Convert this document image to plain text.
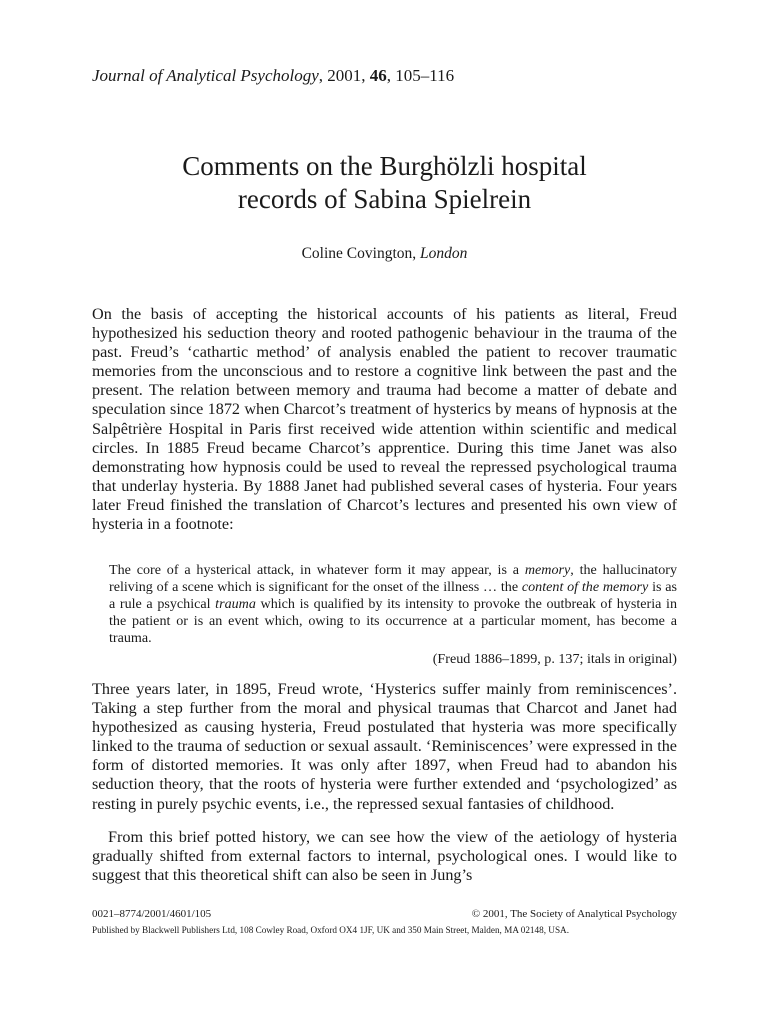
Journal of Analytical Psychology, 2001, 46, 105–116
Comments on the Burghölzli hospital
records of Sabina Spielrein
Coline Covington, London

On the basis of accepting the historical accounts of his patients as literal, Freud hypothesized his seduction theory and rooted pathogenic behaviour in the trauma of the past. Freud’s ‘cathartic method’ of analysis enabled the patient to recover traumatic memories from the unconscious and to restore a cognitive link between the past and the present. The relation between memory and trauma had become a matter of debate and speculation since 1872 when Charcot’s treatment of hysterics by means of hypnosis at the Salpêtrière Hospital in Paris first received wide attention within scientific and medical circles. In 1885 Freud became Charcot’s apprentice. During this time Janet was also demonstrating how hypnosis could be used to reveal the repressed psychological trauma that underlay hysteria. By 1888 Janet had published several cases of hysteria. Four years later Freud finished the translation of Charcot’s lectures and presented his own view of hysteria in a footnote:

The core of a hysterical attack, in whatever form it may appear, is a memory, the hallucinatory reliving of a scene which is significant for the onset of the illness … the content of the memory is as a rule a psychical trauma which is qualified by its intensity to provoke the outbreak of hysteria in the patient or is an event which, owing to its occurrence at a particular moment, has become a trauma.
(Freud 1886–1899, p. 137; itals in original)

Three years later, in 1895, Freud wrote, ‘Hysterics suffer mainly from reminiscences’. Taking a step further from the moral and physical traumas that Charcot and Janet had hypothesized as causing hysteria, Freud postulated that hysteria was more specifically linked to the trauma of seduction or sexual assault. ‘Reminiscences’ were expressed in the form of distorted memories. It was only after 1897, when Freud had to abandon his seduction theory, that the roots of hysteria were further extended and ‘psychologized’ as resting in purely psychic events, i.e., the repressed sexual fantasies of childhood.

From this brief potted history, we can see how the view of the aetiology of hysteria gradually shifted from external factors to internal, psychological ones. I would like to suggest that this theoretical shift can also be seen in Jung’s

0021–8774/2001/4601/105	© 2001, The Society of Analytical Psychology
Published by Blackwell Publishers Ltd, 108 Cowley Road, Oxford OX4 1JF, UK and 350 Main Street, Malden, MA 02148, USA.
